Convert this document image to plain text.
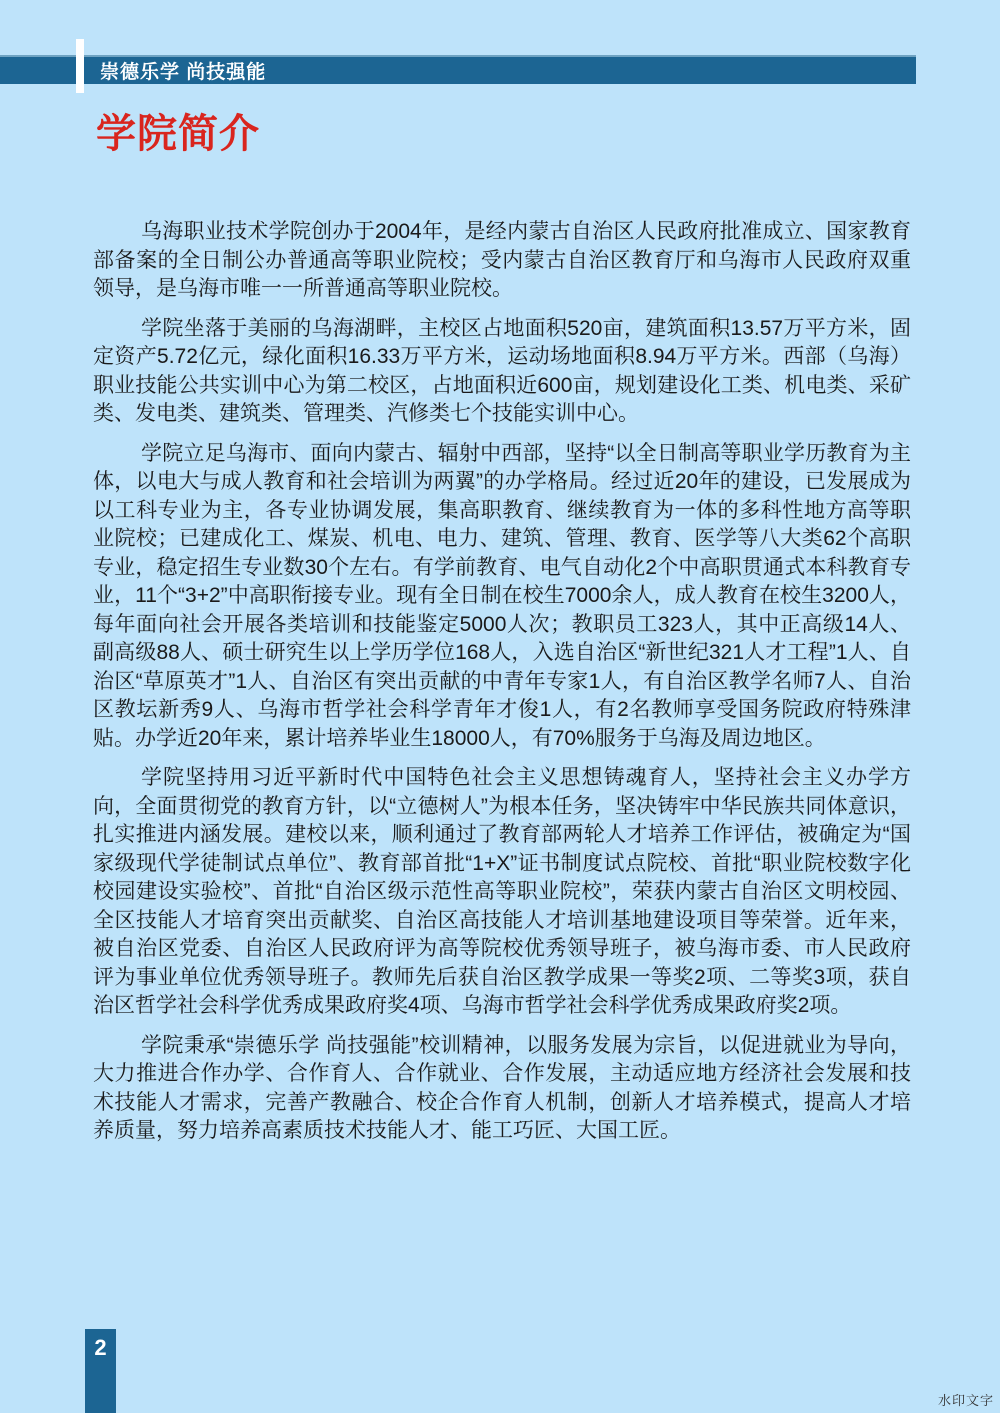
崇德乐学 尚技强能
学院简介

乌海职业技术学院创办于2004年，是经内蒙古自治区人民政府批准成立、国家教育部备案的全日制公办普通高等职业院校；受内蒙古自治区教育厅和乌海市人民政府双重领导，是乌海市唯一一所普通高等职业院校。

学院坐落于美丽的乌海湖畔，主校区占地面积520亩，建筑面积13.57万平方米，固定资产5.72亿元，绿化面积16.33万平方米，运动场地面积8.94万平方米。西部（乌海）职业技能公共实训中心为第二校区，占地面积近600亩，规划建设化工类、机电类、采矿类、发电类、建筑类、管理类、汽修类七个技能实训中心。

学院立足乌海市、面向内蒙古、辐射中西部，坚持“以全日制高等职业学历教育为主体，以电大与成人教育和社会培训为两翼”的办学格局。经过近20年的建设，已发展成为以工科专业为主，各专业协调发展，集高职教育、继续教育为一体的多科性地方高等职业院校；已建成化工、煤炭、机电、电力、建筑、管理、教育、医学等八大类62个高职专业，稳定招生专业数30个左右。有学前教育、电气自动化2个中高职贯通式本科教育专业，11个“3+2”中高职衔接专业。现有全日制在校生7000余人，成人教育在校生3200人，每年面向社会开展各类培训和技能鉴定5000人次；教职员工323人，其中正高级14人、副高级88人、硕士研究生以上学历学位168人，入选自治区“新世纪321人才工程”1人、自治区“草原英才”1人、自治区有突出贡献的中青年专家1人，有自治区教学名师7人、自治区教坛新秀9人、乌海市哲学社会科学青年才俊1人，有2名教师享受国务院政府特殊津贴。办学近20年来，累计培养毕业生18000人，有70%服务于乌海及周边地区。

学院坚持用习近平新时代中国特色社会主义思想铸魂育人，坚持社会主义办学方向，全面贯彻党的教育方针，以“立德树人”为根本任务，坚决铸牢中华民族共同体意识，扎实推进内涵发展。建校以来，顺利通过了教育部两轮人才培养工作评估，被确定为“国家级现代学徒制试点单位”、教育部首批“1+X”证书制度试点院校、首批“职业院校数字化校园建设实验校”、首批“自治区级示范性高等职业院校”，荣获内蒙古自治区文明校园、全区技能人才培育突出贡献奖、自治区高技能人才培训基地建设项目等荣誉。近年来，被自治区党委、自治区人民政府评为高等院校优秀领导班子，被乌海市委、市人民政府评为事业单位优秀领导班子。教师先后获自治区教学成果一等奖2项、二等奖3项，获自治区哲学社会科学优秀成果政府奖4项、乌海市哲学社会科学优秀成果政府奖2项。

学院秉承“崇德乐学 尚技强能”校训精神，以服务发展为宗旨，以促进就业为导向，大力推进合作办学、合作育人、合作就业、合作发展，主动适应地方经济社会发展和技术技能人才需求，完善产教融合、校企合作育人机制，创新人才培养模式，提高人才培养质量，努力培养高素质技术技能人才、能工巧匠、大国工匠。

2
水印文字
